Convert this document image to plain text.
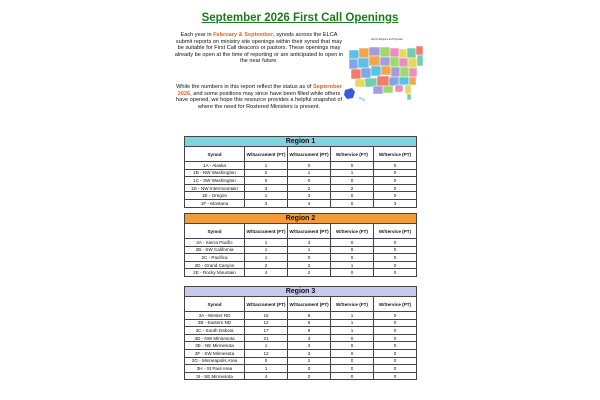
September 2026 First Call Openings

Each year in February & September, synods across the ELCA submit reports on ministry site openings within their synod that may be suitable for First Call deacons or pastors. These openings may already be open at the time of reporting or are anticipated to open in the near future.

While the numbers in this report reflect the status as of September 2026, and some positions may since have been filled while others have opened, we hope this resource provides a helpful snapshot of where the need for Rostered Ministers is present.

ELCA Regions and Synods
Region 1				
Synod	W/Sacrament (FT)	W/Sacrament (PT)	W/Service (FT)	W/Service (PT)
1A - Alaska	1	0	0	0
1B - NW Washington	2	1	1	0
1C - SW Washington	0	0	0	0
1D - NW Intermountain	3	2	2	0
1E - Oregon	1	3	0	0
1F - Montana	3	4	0	3
Region 2				
Synod	W/Sacrament (FT)	W/Sacrament (PT)	W/Service (FT)	W/Service (PT)
2A - Sierra Pacific	1	3	0	0
2B - SW California	1	1	0	0
2C - Pacifica	1	0	0	0
2D - Grand Canyon	2	2	1	0
2E - Rocky Mountain	4	2	0	0
Region 3				
Synod	W/Sacrament (FT)	W/Sacrament (PT)	W/Service (FT)	W/Service (PT)
3A - Wester ND	15	8	1	0
3B - Eastern ND	12	5	1	0
3C - South Dakota	17	8	1	0
3D - NW Minnesota	21	3	0	0
3E - NE Minnesota	1	3	0	0
3F - SW Minnesota	12	3	0	0
3G - Minneapolis Area	0	2	0	0
3H - St Paul Area	1	0	0	0
3I - SE Minnesota	4	2	0	0
